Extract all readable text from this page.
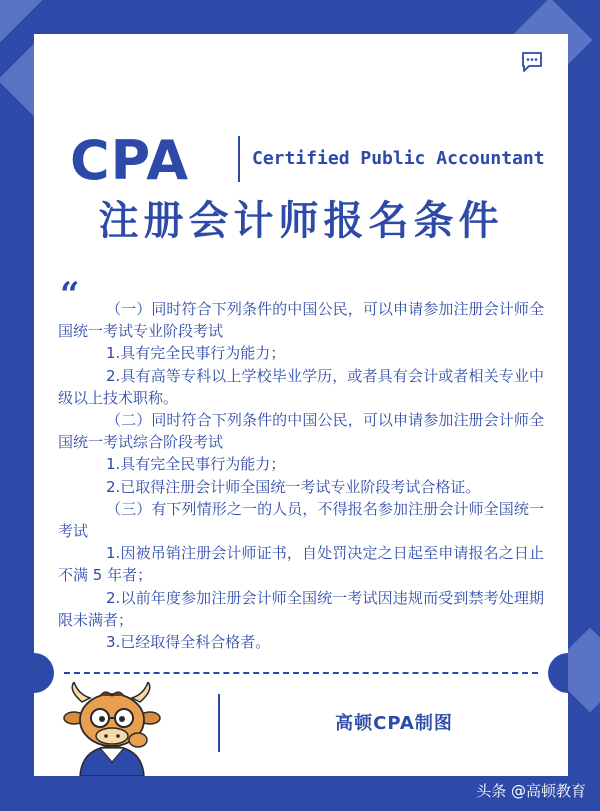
CPA	Certified Public Accountant
注册会计师报名条件
“	（一）同时符合下列条件的中国公民，可以申请参加注册会计师全国统一考试专业阶段考试

1.具有完全民事行为能力；

2.具有高等专科以上学校毕业学历，或者具有会计或者相关专业中级以上技术职称。

（二）同时符合下列条件的中国公民，可以申请参加注册会计师全国统一考试综合阶段考试

1.具有完全民事行为能力；

2.已取得注册会计师全国统一考试专业阶段考试合格证。

（三）有下列情形之一的人员，不得报名参加注册会计师全国统一考试

1.因被吊销注册会计师证书，自处罚决定之日起至申请报名之日止不满 5 年者；

2.以前年度参加注册会计师全国统一考试因违规而受到禁考处理期限未满者；

3.已经取得全科合格者。

高顿CPA制图
头条 @高顿教育
